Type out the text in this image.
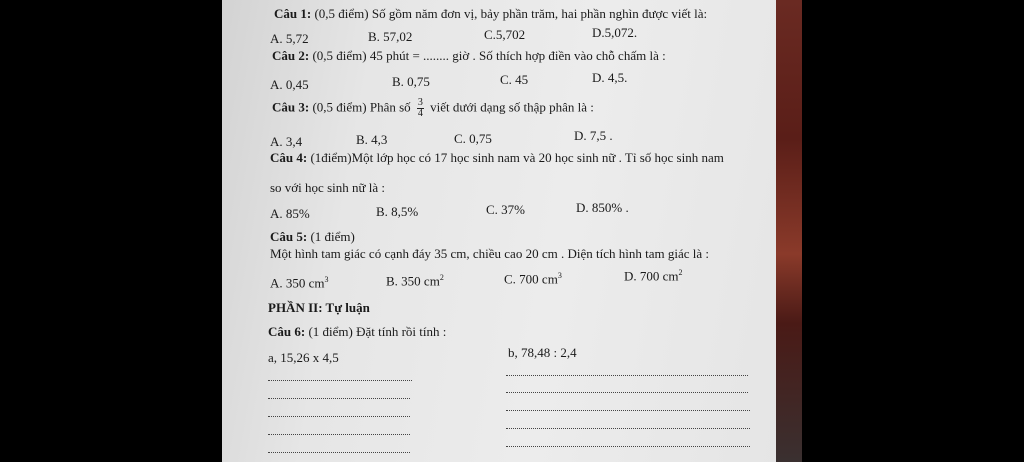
Câu 1: (0,5 điểm) Số gồm năm đơn vị, bảy phần trăm, hai phần nghìn được viết là:
A. 5,72	B. 57,02	C.5,702	D.5,072.
Câu 2: (0,5 điểm) 45 phút = ........ giờ . Số thích hợp điền vào chỗ chấm là :
A. 0,45	B. 0,75	C. 45	D. 4,5.
Câu 3: (0,5 điểm) Phân số $\frac{3}{4}$ viết dưới dạng số thập phân là :
A. 3,4	B. 4,3	C. 0,75	D. 7,5 .
Câu 4: (1điểm)Một lớp học có 17 học sinh nam và 20 học sinh nữ . Tỉ số học sinh nam
so với học sinh nữ là :
A. 85%	B. 8,5%	C. 37%	D. 850% .
Câu 5: (1 điểm)
Một hình tam giác có cạnh đáy 35 cm, chiều cao 20 cm . Diện tích hình tam giác là :
A. 350 $cm^3$	B. 350 $cm^2$	C. 700 $cm^3$	D. 700 $cm^2$
PHẦN II: Tự luận
Câu 6: (1 điểm) Đặt tính rồi tính :
a, 15,26 x 4,5	b, 78,48 : 2,4
